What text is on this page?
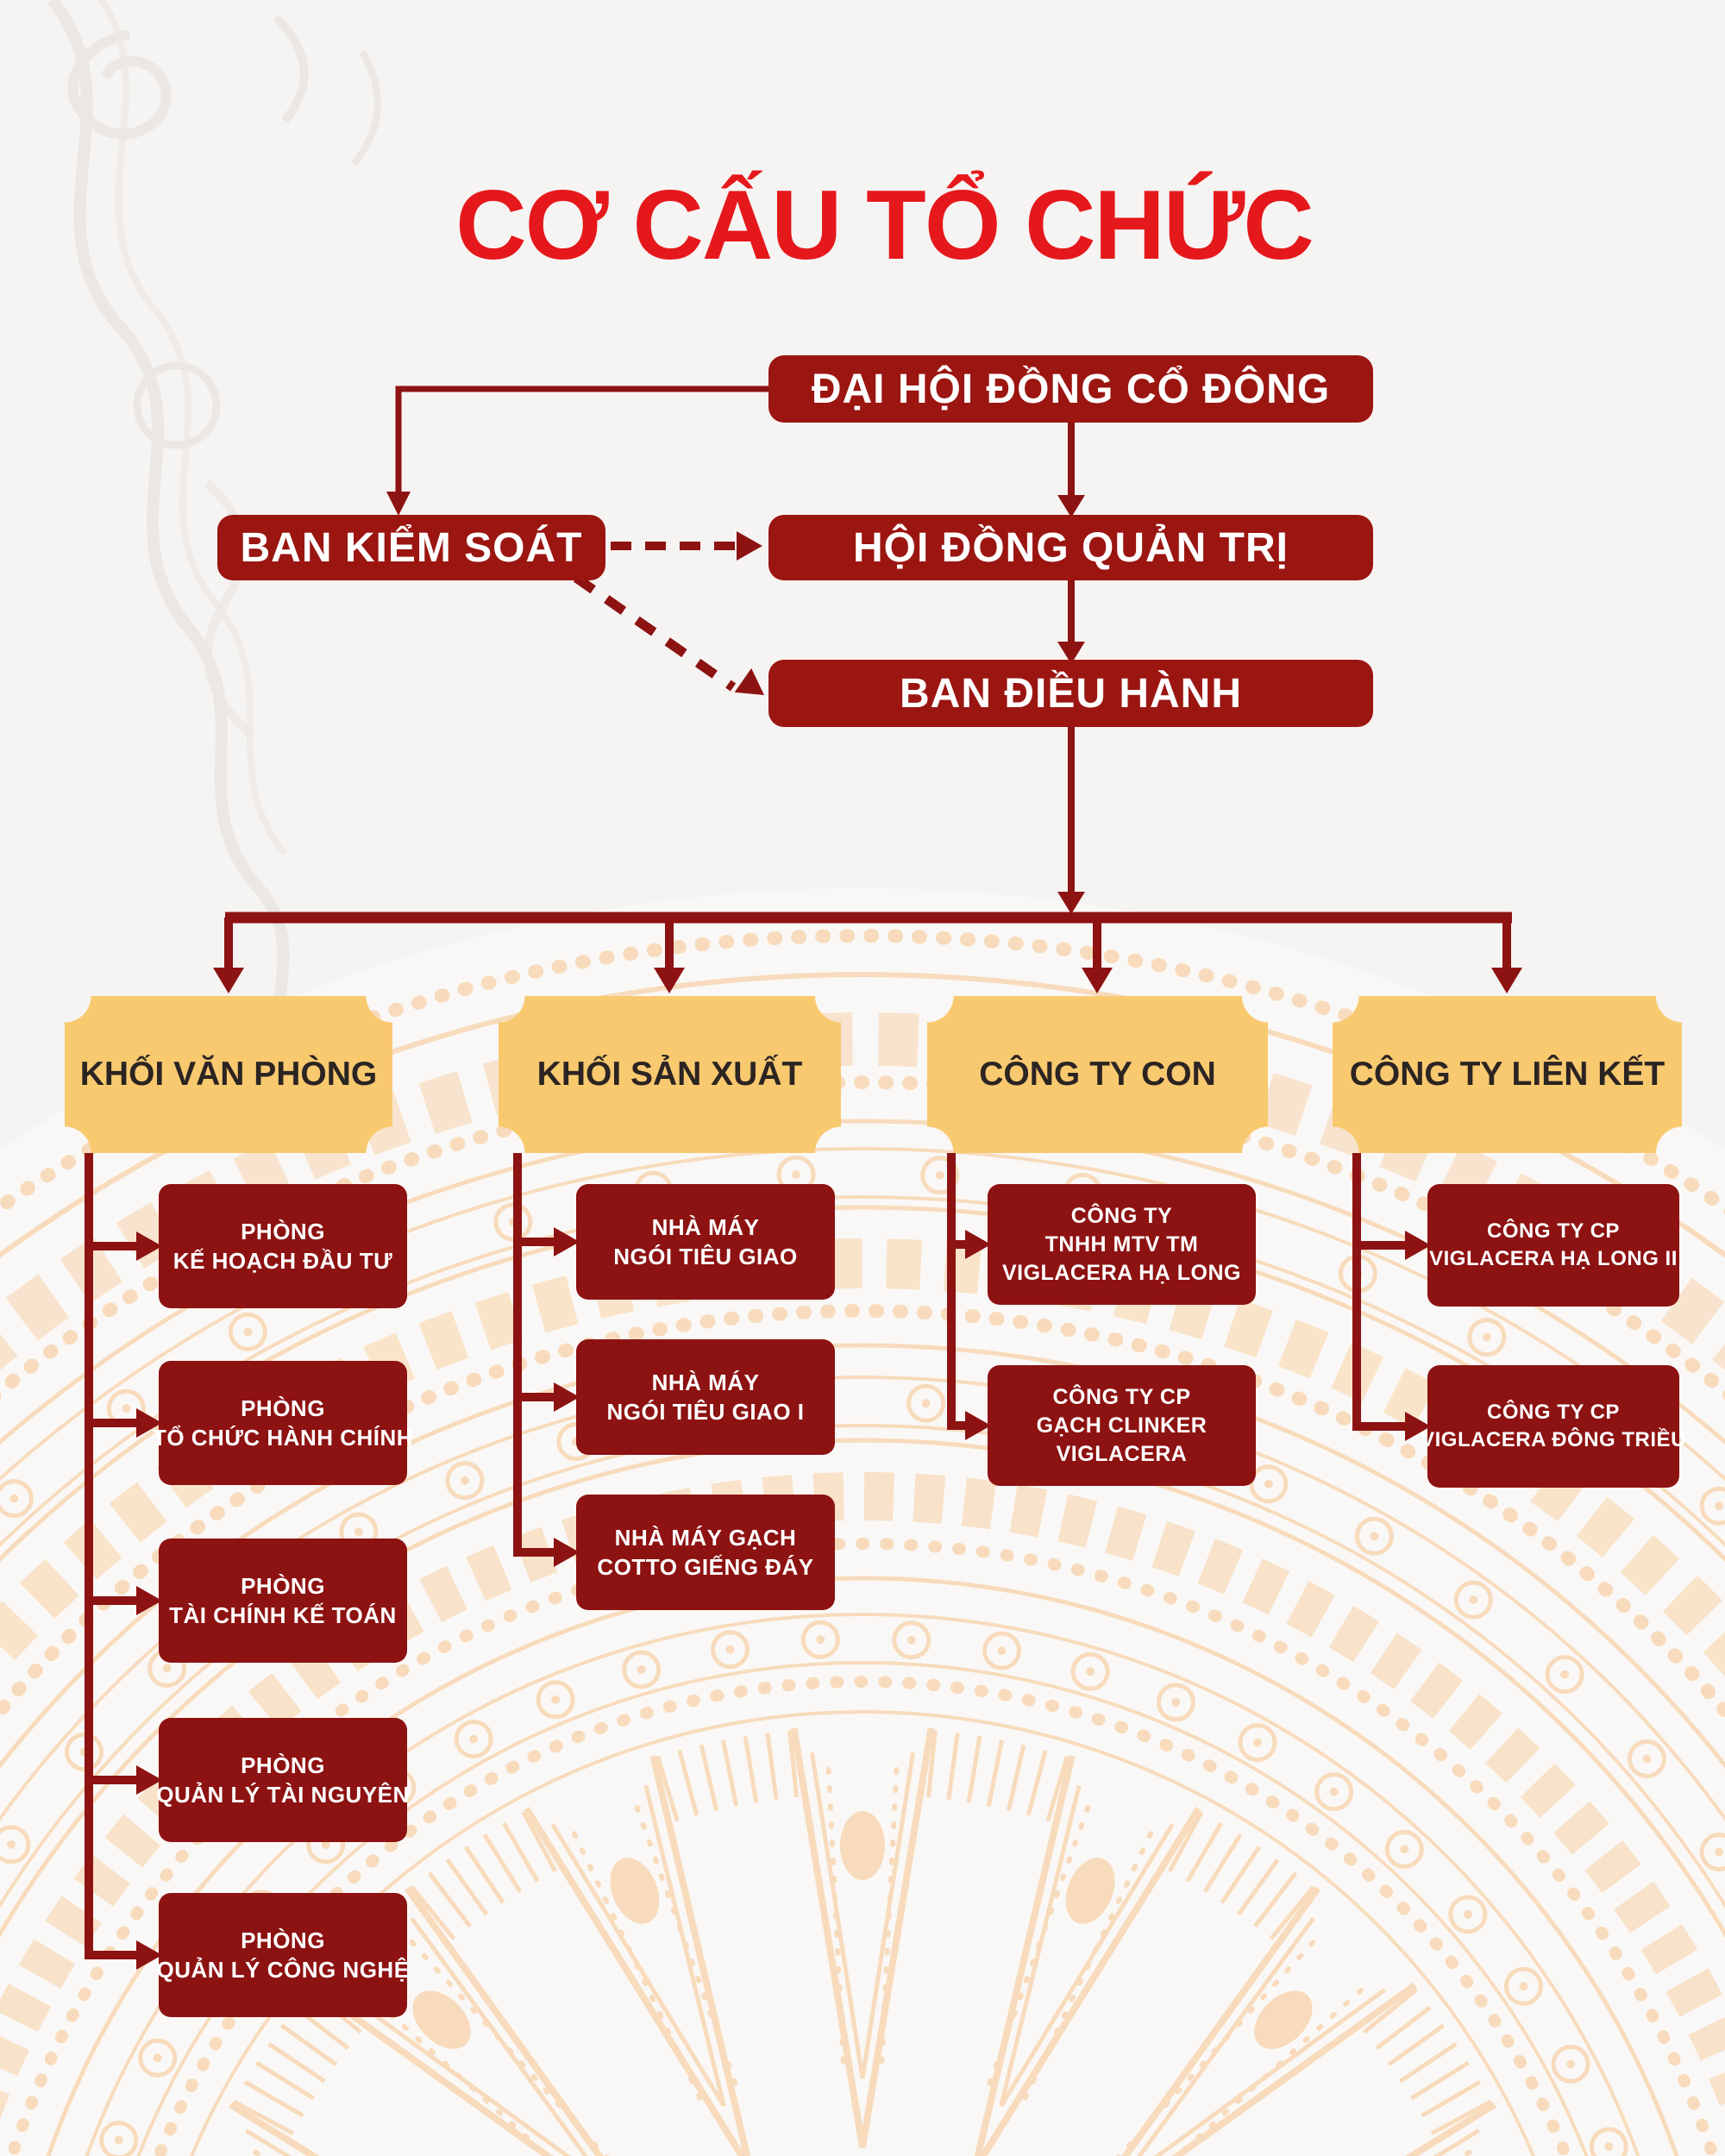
CƠ CẤU TỔ CHỨC
ĐẠI HỘI ĐỒNG CỔ ĐÔNG
BAN KIỂM SOÁT	HỘI ĐỒNG QUẢN TRỊ
BAN ĐIỀU HÀNH
KHỐI VĂN PHÒNG	KHỐI SẢN XUẤT	CÔNG TY CON	CÔNG TY LIÊN KẾT
PHÒNG
KẾ HOẠCH ĐẦU TƯ
PHÒNG
TỔ CHỨC HÀNH CHÍNH
PHÒNG
TÀI CHÍNH KẾ TOÁN
PHÒNG
QUẢN LÝ TÀI NGUYÊN
PHÒNG
QUẢN LÝ CÔNG NGHỆ
NHÀ MÁY
NGÓI TIÊU GIAO
NHÀ MÁY
NGÓI TIÊU GIAO I
NHÀ MÁY GẠCH
COTTO GIẾNG ĐÁY
CÔNG TY
TNHH MTV TM
VIGLACERA HẠ LONG
CÔNG TY CP
GẠCH CLINKER
VIGLACERA
CÔNG TY CP
VIGLACERA HẠ LONG II
CÔNG TY CP
VIGLACERA ĐÔNG TRIỀU
